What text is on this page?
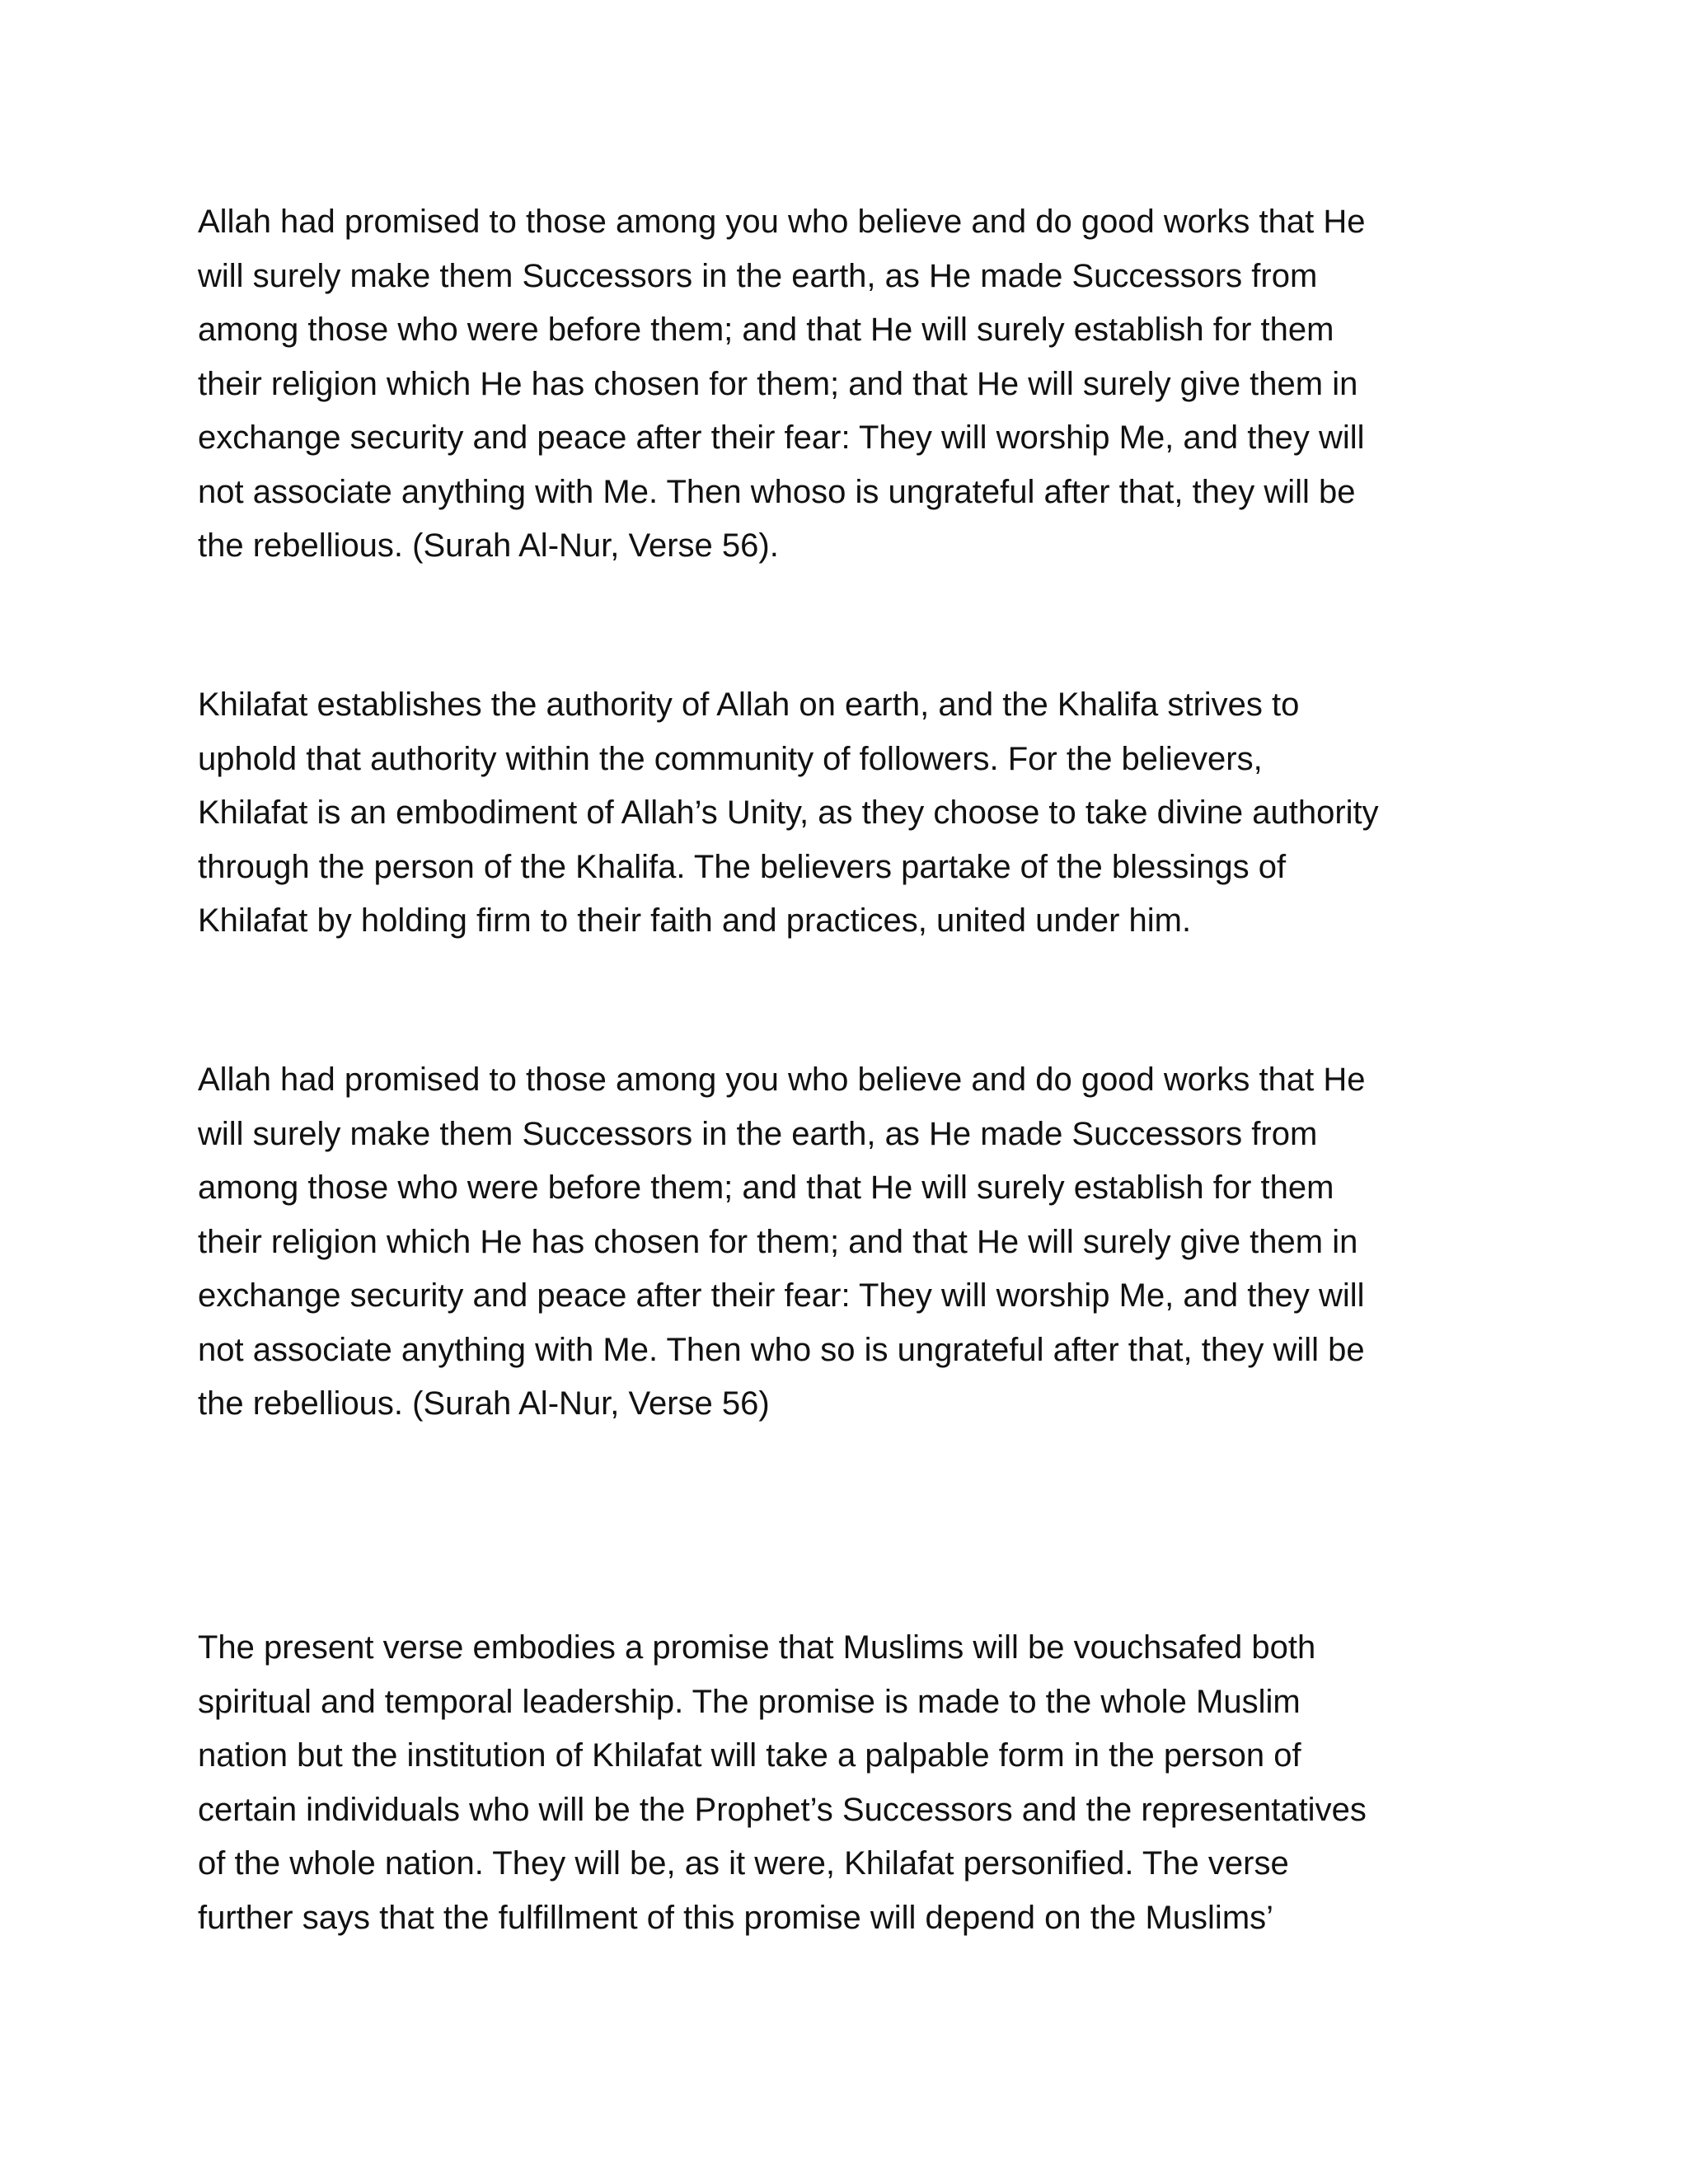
Allah had promised to those among you who believe and do good works that He
will surely make them Successors in the earth, as He made Successors from
among those who were before them; and that He will surely establish for them
their religion which He has chosen for them; and that He will surely give them in
exchange security and peace after their fear: They will worship Me, and they will
not associate anything with Me. Then whoso is ungrateful after that, they will be
the rebellious. (Surah Al-Nur, Verse 56).

Khilafat establishes the authority of Allah on earth, and the Khalifa strives to
uphold that authority within the community of followers. For the believers,
Khilafat is an embodiment of Allah’s Unity, as they choose to take divine authority
through the person of the Khalifa. The believers partake of the blessings of
Khilafat by holding firm to their faith and practices, united under him.

Allah had promised to those among you who believe and do good works that He
will surely make them Successors in the earth, as He made Successors from
among those who were before them; and that He will surely establish for them
their religion which He has chosen for them; and that He will surely give them in
exchange security and peace after their fear: They will worship Me, and they will
not associate anything with Me. Then who so is ungrateful after that, they will be
the rebellious. (Surah Al-Nur, Verse 56)

The present verse embodies a promise that Muslims will be vouchsafed both
spiritual and temporal leadership. The promise is made to the whole Muslim
nation but the institution of Khilafat will take a palpable form in the person of
certain individuals who will be the Prophet’s Successors and the representatives
of the whole nation. They will be, as it were, Khilafat personified. The verse
further says that the fulfillment of this promise will depend on the Muslims’
